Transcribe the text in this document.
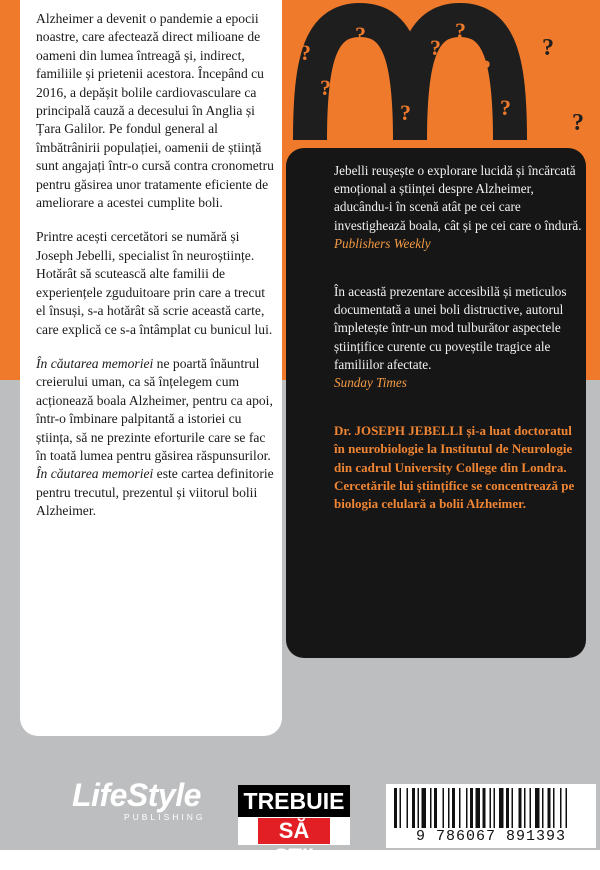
?
?
?
?
?
?
?
?
?
?
?

Alzheimer a devenit o pandemie a epocii noastre, care afectează direct milioane de oameni din lumea întreagă și, indirect, familiile și prietenii acestora. Începând cu 2016, a depășit bolile cardiovasculare ca principală cauză a decesului în Anglia și Țara Galilor. Pe fondul general al îmbătrânirii populației, oamenii de știință sunt angajați într-o cursă contra cronometru pentru găsirea unor tratamente eficiente de ameliorare a acestei cumplite boli.

Printre acești cercetători se numără și Joseph Jebelli, specialist în neuroștiințe. Hotărât să scutească alte familii de experiențele zguduitoare prin care a trecut el însuși, s-a hotărât să scrie această carte, care explică ce s-a întâmplat cu bunicul lui.

În căutarea memoriei ne poartă înăuntrul creierului uman, ca să înțelegem cum acționează boala Alzheimer, pentru ca apoi, într-o îmbinare palpitantă a istoriei cu știința, să ne prezinte eforturile care se fac în toată lumea pentru găsirea răspunsurilor. În căutarea memoriei este cartea definitorie pentru trecutul, prezentul și viitorul bolii Alzheimer.

Jebelli reușește o explorare lucidă și încărcată emoțional a științei despre Alzheimer, aducându-i în scenă atât pe cei care investighează boala, cât și pe cei care o îndură.

Publishers Weekly

În această prezentare accesibilă și meticulos documentată a unei boli distructive, autorul împletește într-un mod tulburător aspectele științifice curente cu poveștile tragice ale familiilor afectate.

Sunday Times

Dr. JOSEPH JEBELLI și-a luat doctoratul în neurobiologie la Institutul de Neurologie din cadrul University College din Londra. Cercetările lui științifice se concentrează pe biologia celulară a bolii Alzheimer.

LifeStyle
PUBLISHING
TREBUIE
SĂ ȘTII
9 786067 891393
